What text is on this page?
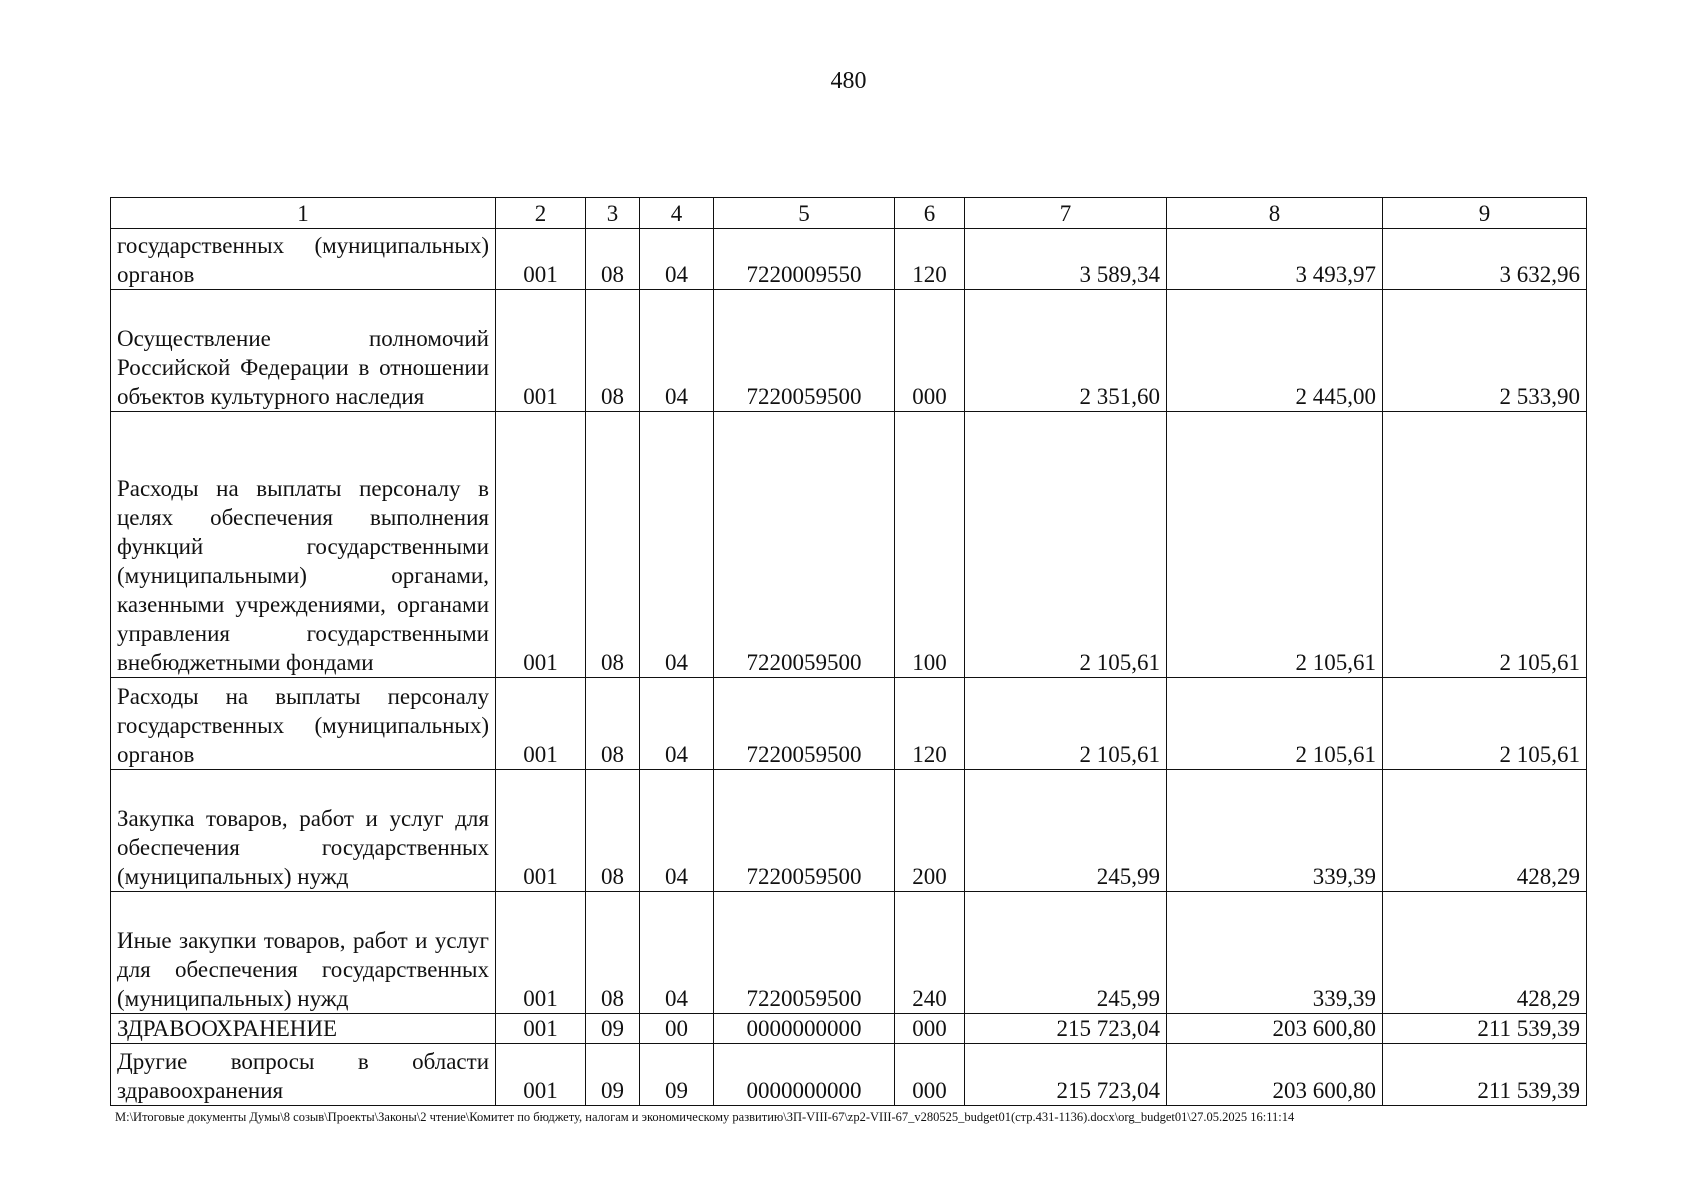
480
1	2	3	4	5	6	7	8	9
государственных (муниципальных) органов	001	08	04	7220009550	120	3 589,34	3 493,97	3 632,96
Осуществление полномочий Российской Федерации в отношении объектов культурного наследия	001	08	04	7220059500	000	2 351,60	2 445,00	2 533,90
Расходы на выплаты персоналу в целях обеспечения выполнения функций государственными (муниципальными) органами, казенными учреждениями, органами управления государственными внебюджетными фондами	001	08	04	7220059500	100	2 105,61	2 105,61	2 105,61
Расходы на выплаты персоналу государственных (муниципальных) органов	001	08	04	7220059500	120	2 105,61	2 105,61	2 105,61
Закупка товаров, работ и услуг для обеспечения государственных (муниципальных) нужд	001	08	04	7220059500	200	245,99	339,39	428,29
Иные закупки товаров, работ и услуг для обеспечения государственных (муниципальных) нужд	001	08	04	7220059500	240	245,99	339,39	428,29
ЗДРАВООХРАНЕНИЕ	001	09	00	0000000000	000	215 723,04	203 600,80	211 539,39
Другие вопросы в области здравоохранения	001	09	09	0000000000	000	215 723,04	203 600,80	211 539,39
M:\Итоговые документы Думы\8 созыв\Проекты\Законы\2 чтение\Комитет по бюджету, налогам и экономическому развитию\ЗП-VIII-67\zp2-VIII-67_v280525_budget01(стр.431-1136).docx\org_budget01\27.05.2025 16:11:14
